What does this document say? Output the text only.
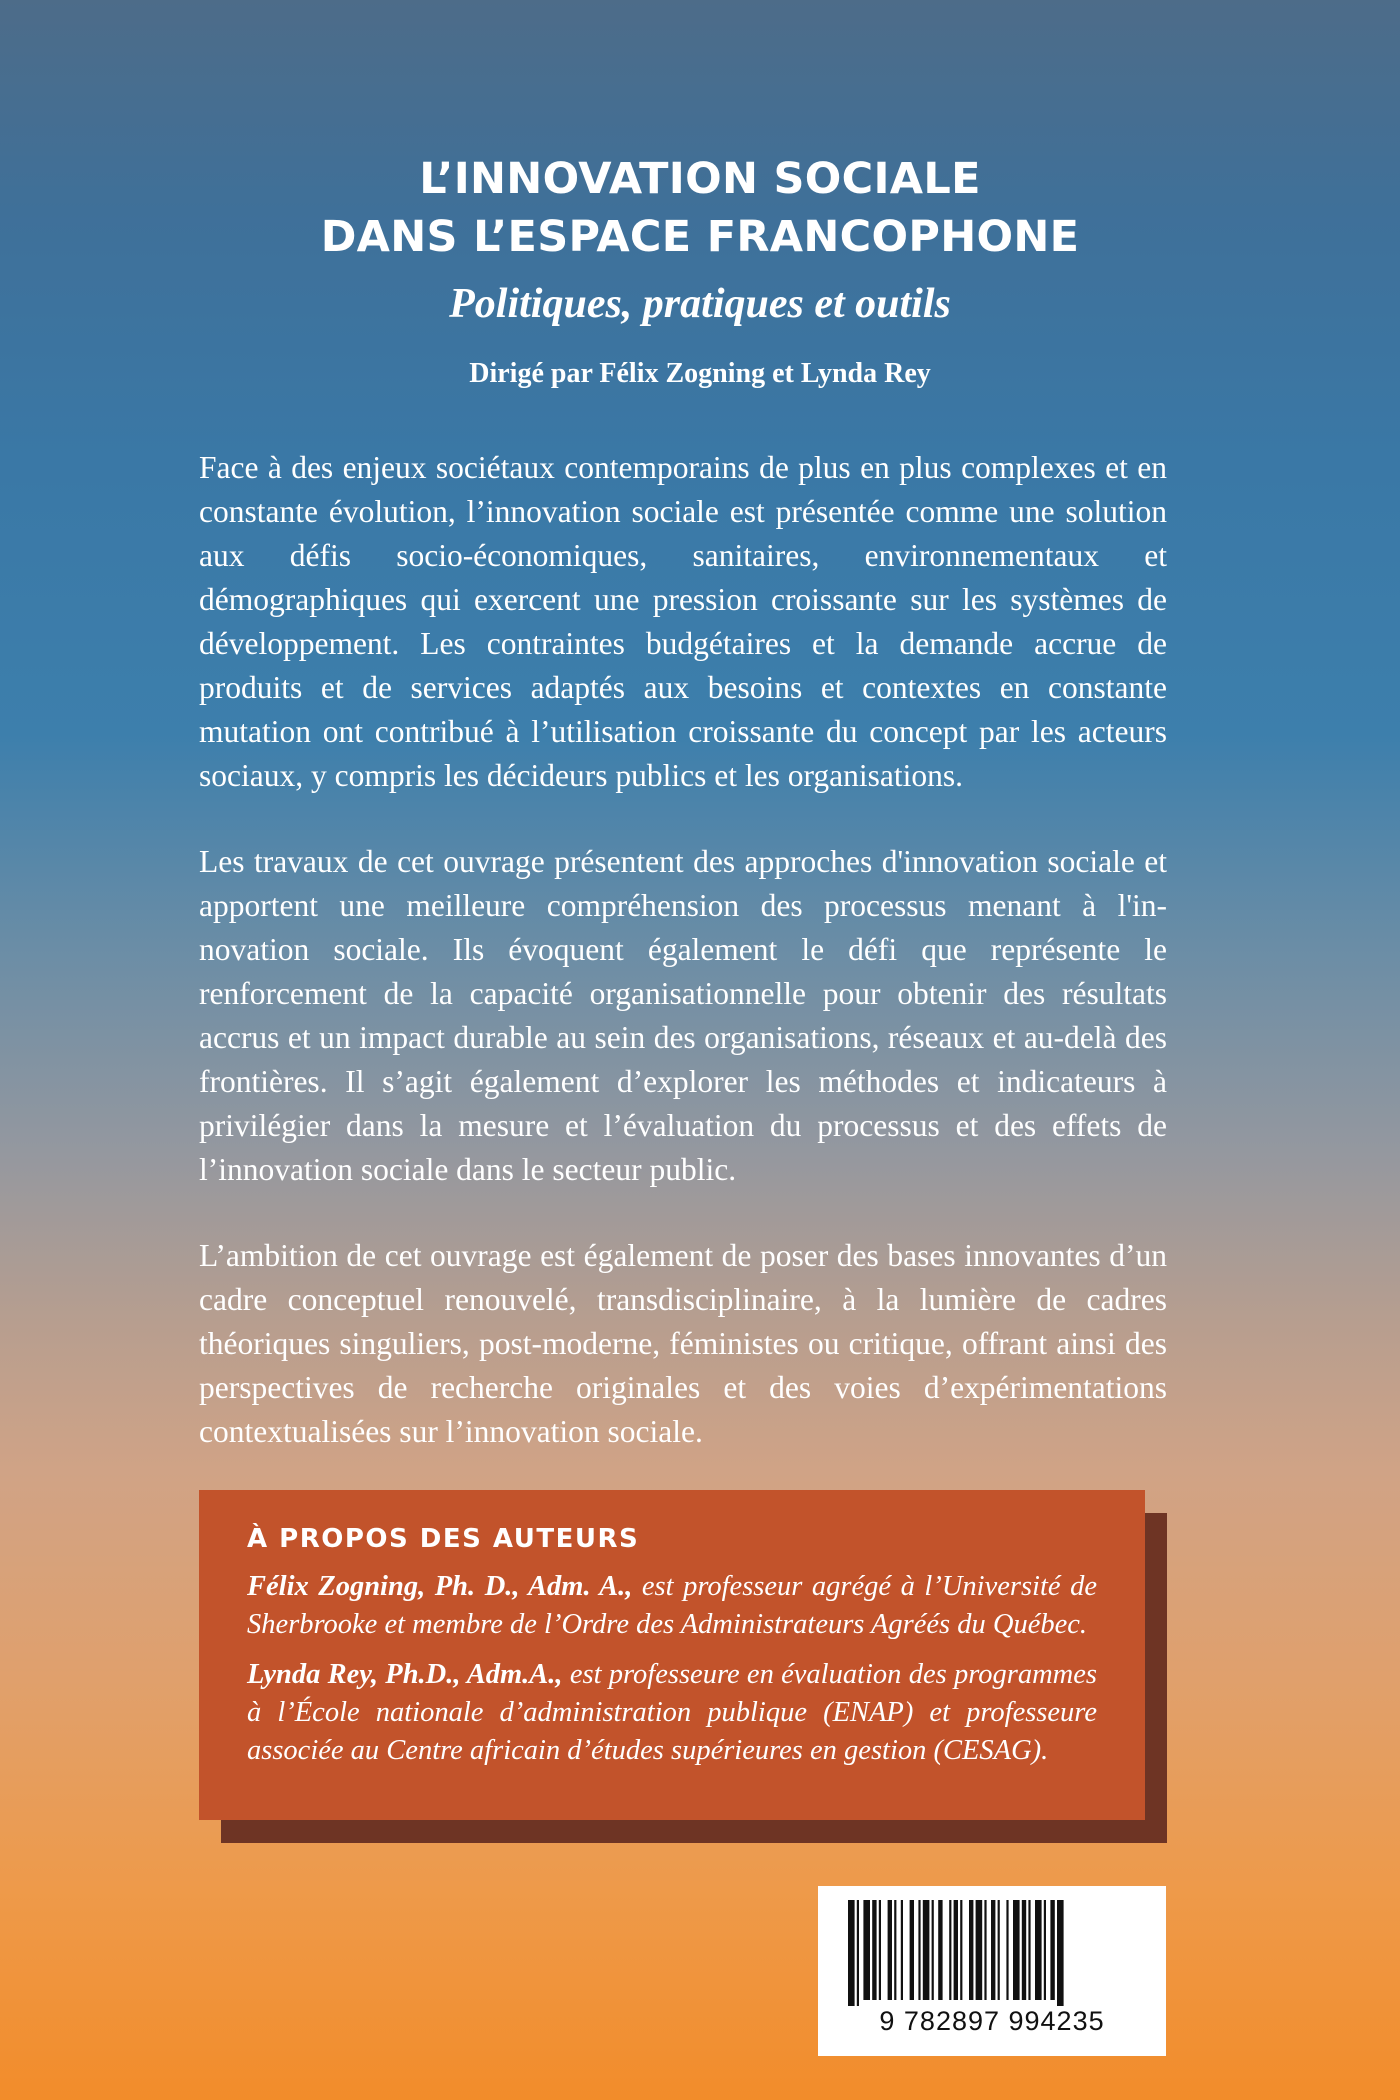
L’INNOVATION SOCIALE
DANS L’ESPACE FRANCOPHONE
Politiques, pratiques et outils
Dirigé par Félix Zogning et Lynda Rey

Face à des enjeux sociétaux contemporains de plus en plus complexes et en constante évolution, l’innovation sociale est présentée comme une solution aux défis socio-économiques, sanitaires, environnementaux et démographiques qui exercent une pression croissante sur les systèmes de développement. Les contraintes budgétaires et la demande accrue de produits et de services adaptés aux besoins et contextes en constante mutation ont contribué à l’utilisation croissante du concept par les acteurs sociaux, y compris les décideurs publics et les organisations.

Les travaux de cet ouvrage présentent des approches d'innovation sociale et apportent une meilleure compréhension des processus menant à l'in-novation sociale. Ils évoquent également le défi que représente le renforcement de la capacité organisationnelle pour obtenir des résultats accrus et un impact durable au sein des organisations, réseaux et au-delà des frontières. Il s’agit également d’explorer les méthodes et indicateurs à privilégier dans la mesure et l’évaluation du processus et des effets de l’innovation sociale dans le secteur public.

L’ambition de cet ouvrage est également de poser des bases innovantes d’un cadre conceptuel renouvelé, transdisciplinaire, à la lumière de cadres théoriques singuliers, post-moderne, féministes ou critique, offrant ainsi des perspectives de recherche originales et des voies d’expérimentations contextualisées sur l’innovation sociale.

À PROPOS DES AUTEURS

Félix Zogning, Ph. D., Adm. A., est professeur agrégé à l’Université de Sherbrooke et membre de l’Ordre des Administrateurs Agréés du Québec.

Lynda Rey, Ph.D., Adm.A., est professeure en évaluation des programmes à l’École nationale d’administration publique (ENAP) et professeure associée au Centre africain d’études supérieures en gestion (CESAG).

9 782897 994235
